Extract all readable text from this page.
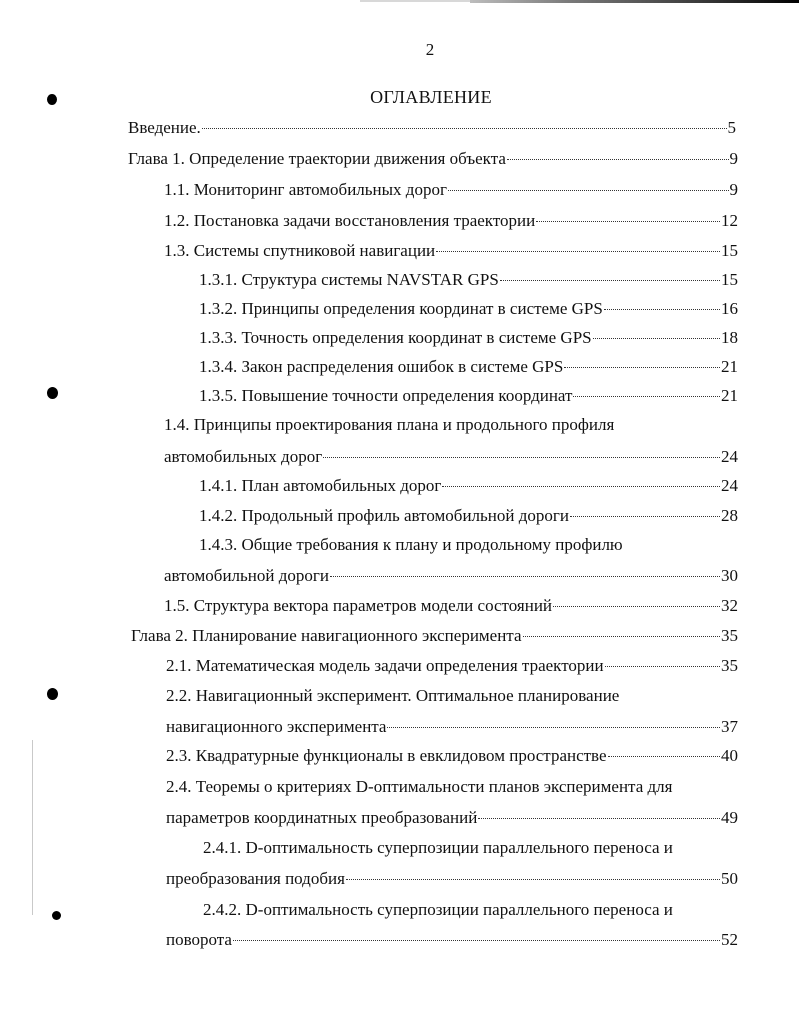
2
ОГЛАВЛЕНИЕ
Введение.	5
Глава 1. Определение траектории движения объекта	9
1.1. Мониторинг автомобильных дорог	9
1.2. Постановка задачи восстановления траектории	12
1.3. Системы спутниковой навигации	15
1.3.1. Структура системы NAVSTAR GPS	15
1.3.2. Принципы определения координат в системе GPS	16
1.3.3. Точность определения координат в системе GPS	18
1.3.4. Закон распределения ошибок в системе GPS	21
1.3.5. Повышение точности определения координат	21
1.4. Принципы проектирования плана и продольного профиля
автомобильных дорог	24
1.4.1. План автомобильных дорог	24
1.4.2. Продольный профиль автомобильной дороги	28
1.4.3. Общие требования к плану и продольному профилю
автомобильной дороги	30
1.5. Структура вектора параметров модели состояний	32
Глава 2. Планирование навигационного эксперимента	35
2.1. Математическая модель задачи определения траектории	35
2.2. Навигационный эксперимент. Оптимальное планирование
навигационного эксперимента	37
2.3. Квадратурные функционалы в евклидовом пространстве	40
2.4. Теоремы о критериях D-оптимальности планов эксперимента для
параметров координатных преобразований	49
2.4.1. D-оптимальность суперпозиции параллельного переноса и
преобразования подобия	50
2.4.2. D-оптимальность суперпозиции параллельного переноса и
поворота	52
